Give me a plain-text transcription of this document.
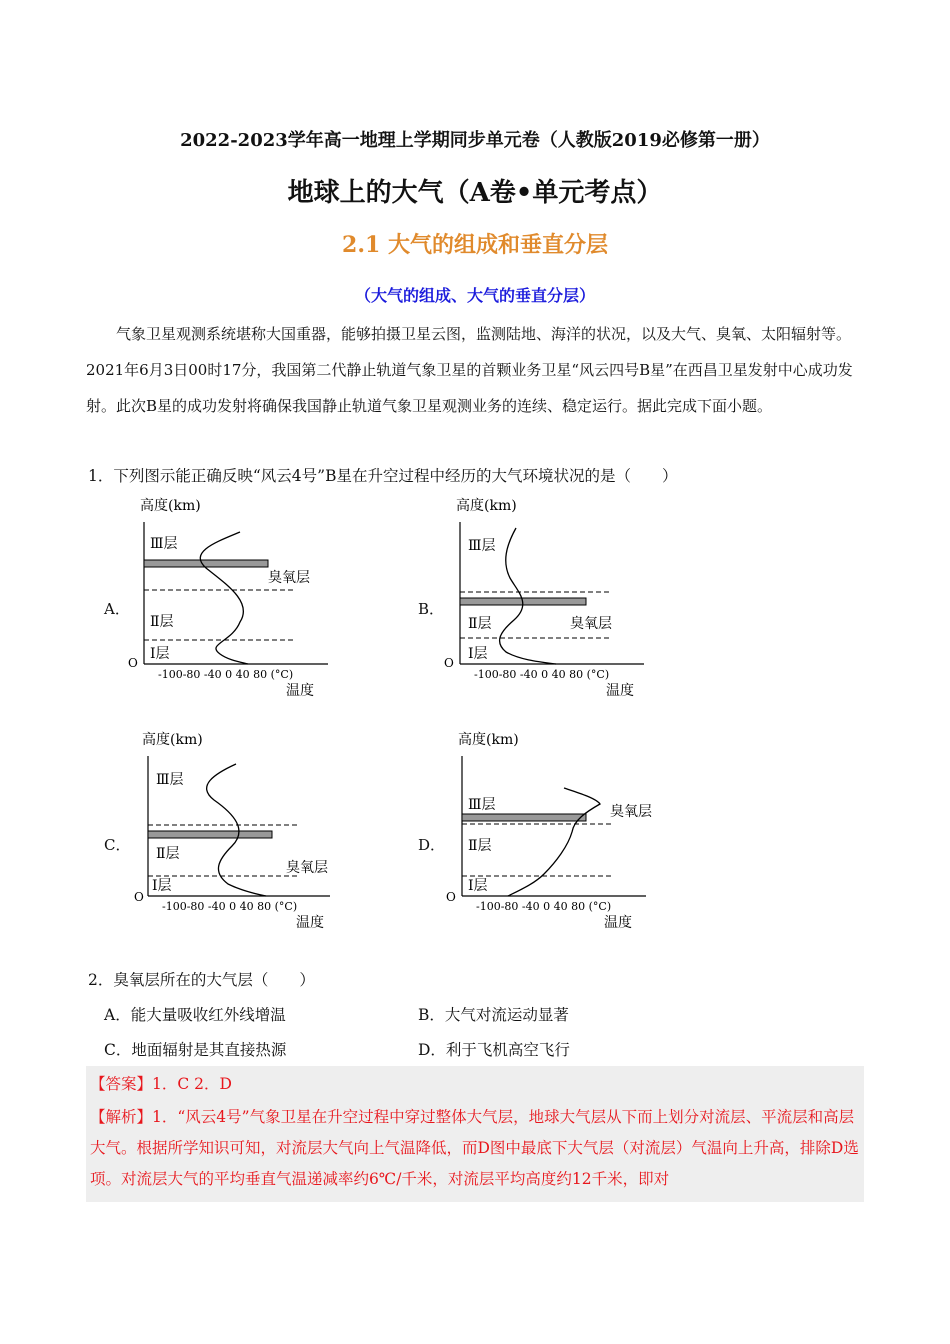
2022-2023学年高一地理上学期同步单元卷（人教版2019必修第一册）
地球上的大气（A卷•单元考点）
2.1 大气的组成和垂直分层
（大气的组成、大气的垂直分层）
气象卫星观测系统堪称大国重器，能够拍摄卫星云图，监测陆地、海洋的状况，以及大气、臭氧、太阳辐射等。2021年6月3日00时17分，我国第二代静止轨道气象卫星的首颗业务卫星“风云四号B星”在西昌卫星发射中心成功发射。此次B星的成功发射将确保我国静止轨道气象卫星观测业务的连续、稳定运行。据此完成下面小题。
1．下列图示能正确反映“风云4号”B星在升空过程中经历的大气环境状况的是（　　）
A．	B．
C．	D．
高度(km)
O
Ⅲ层
臭氧层
Ⅱ层
Ⅰ层
-100-80 -40 0 40 80 (°C)
温度
高度(km)
O
Ⅲ层
臭氧层
Ⅱ层
Ⅰ层
-100-80 -40 0 40 80 (°C)
温度
高度(km)
O
Ⅲ层
Ⅱ层
臭氧层
Ⅰ层
-100-80 -40 0 40 80 (°C)
温度
高度(km)
O
Ⅲ层	臭氧层
Ⅱ层
Ⅰ层
-100-80 -40 0 40 80 (°C)
温度
2．臭氧层所在的大气层（　　）
A．能大量吸收红外线增温	B．大气对流运动显著
C．地面辐射是其直接热源	D．利于飞机高空飞行
【答案】1．C 2．D
【解析】1．“风云4号”气象卫星在升空过程中穿过整体大气层，地球大气层从下而上划分对流层、平流层和高层大气。根据所学知识可知，对流层大气向上气温降低，而D图中最底下大气层（对流层）气温向上升高，排除D选项。对流层大气的平均垂直气温递减率约6℃/千米，对流层平均高度约12千米，即对
